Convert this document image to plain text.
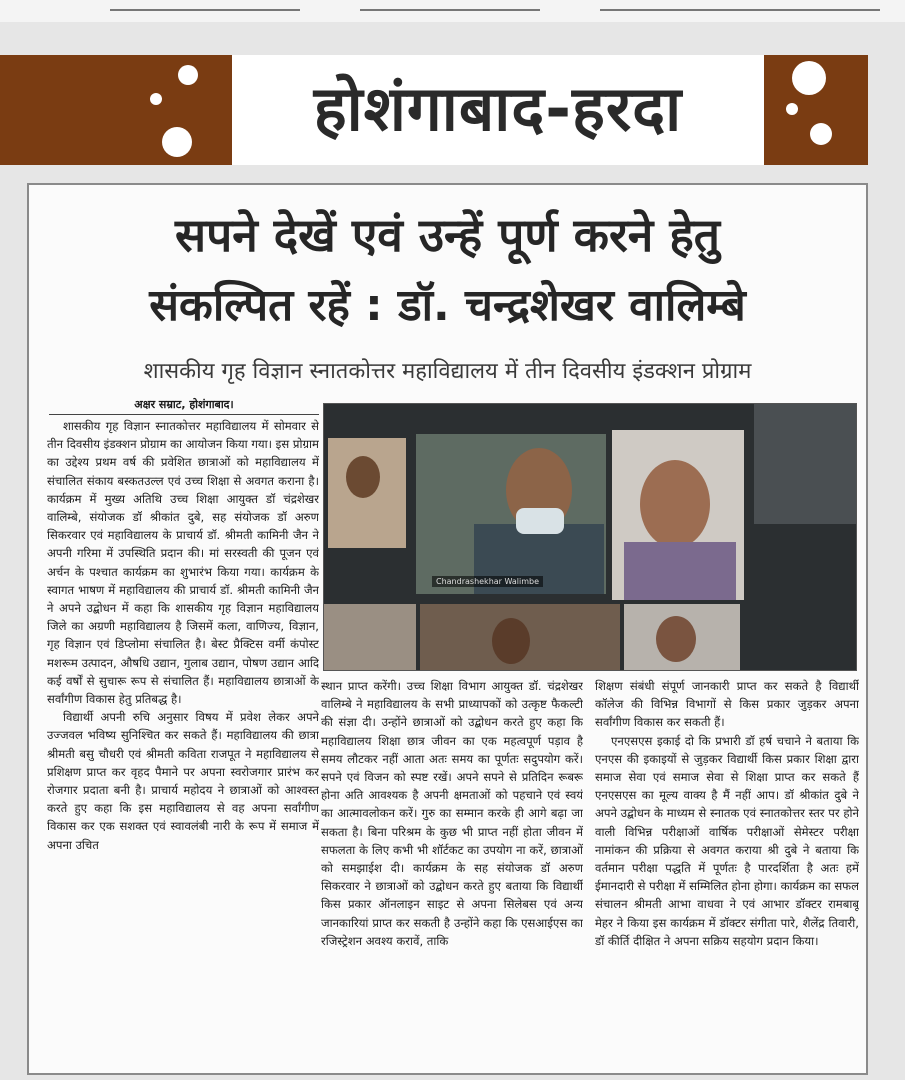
होशंगाबाद-हरदा
सपने देखें एवं उन्हें पूर्ण करने हेतु
संकल्पित रहें : डॉ. चन्द्रशेखर वालिम्बे
शासकीय गृह विज्ञान स्नातकोत्तर महाविद्यालय में तीन दिवसीय इंडक्शन प्रोग्राम
अक्षर सम्राट, होशंगाबाद।

शासकीय गृह विज्ञान स्नातकोत्तर महाविद्यालय में सोमवार से तीन दिवसीय इंडक्शन प्रोग्राम का आयोजन किया गया। इस प्रोग्राम का उद्देश्य प्रथम वर्ष की प्रवेशित छात्राओं को महाविद्यालय में संचालित संकाय बस्कतउल्ल एवं उच्च शिक्षा से अवगत कराना है। कार्यक्रम में मुख्य अतिथि उच्च शिक्षा आयुक्त डॉ चंद्रशेखर वालिम्बे, संयोजक डॉ श्रीकांत दुबे, सह संयोजक डॉ अरुण सिकरवार एवं महाविद्यालय के प्राचार्य डॉ. श्रीमती कामिनी जैन ने अपनी गरिमा में उपस्थिति प्रदान की। मां सरस्वती की पूजन एवं अर्चन के पश्चात कार्यक्रम का शुभारंभ किया गया। कार्यक्रम के स्वागत भाषण में महाविद्यालय की प्राचार्य डॉ. श्रीमती कामिनी जैन ने अपने उद्बोधन में कहा कि शासकीय गृह विज्ञान महाविद्यालय जिले का अग्रणी महाविद्यालय है जिसमें कला, वाणिज्य, विज्ञान, गृह विज्ञान एवं डिप्लोमा संचालित है। बेस्ट प्रैक्टिस वर्मी कंपोस्ट मशरूम उत्पादन, औषधि उद्यान, गुलाब उद्यान, पोषण उद्यान आदि कई वर्षों से सुचारू रूप से संचालित हैं। महाविद्यालय छात्राओं के सर्वांगीण विकास हेतु प्रतिबद्ध है।

विद्यार्थी अपनी रुचि अनुसार विषय में प्रवेश लेकर अपने उज्जवल भविष्य सुनिश्चित कर सकते हैं। महाविद्यालय की छात्रा श्रीमती बसु चौधरी एवं श्रीमती कविता राजपूत ने महाविद्यालय से प्रशिक्षण प्राप्त कर वृहद पैमाने पर अपना स्वरोजगार प्रारंभ कर रोजगार प्रदाता बनी है। प्राचार्य महोदय ने छात्राओं को आश्वस्त करते हुए कहा कि इस महाविद्यालय से वह अपना सर्वांगीण विकास कर एक सशक्त एवं स्वावलंबी नारी के रूप में समाज में अपना उचित

Chandrashekhar Walimbe

स्थान प्राप्त करेंगी। उच्च शिक्षा विभाग आयुक्त डॉ. चंद्रशेखर वालिम्बे ने महाविद्यालय के सभी प्राध्यापकों को उत्कृष्ट फैकल्टी की संज्ञा दी। उन्होंने छात्राओं को उद्बोधन करते हुए कहा कि महाविद्यालय शिक्षा छात्र जीवन का एक महत्वपूर्ण पड़ाव है समय लौटकर नहीं आता अतः समय का पूर्णतः सदुपयोग करें। सपने एवं विजन को स्पष्ट रखें। अपने सपने से प्रतिदिन रूबरू होना अति आवश्यक है अपनी क्षमताओं को पहचाने एवं स्वयं का आत्मावलोकन करें। गुरु का सम्मान करके ही आगे बढ़ा जा सकता है। बिना परिश्रम के कुछ भी प्राप्त नहीं होता जीवन में सफलता के लिए कभी भी शॉर्टकट का उपयोग ना करें, छात्राओं को समझाईश दी। कार्यक्रम के सह संयोजक डॉ अरुण सिकरवार ने छात्राओं को उद्बोधन करते हुए बताया कि विद्यार्थी किस प्रकार ऑनलाइन साइट से अपना सिलेबस एवं अन्य जानकारियां प्राप्त कर सकती है उन्होंने कहा कि एसआईएस का रजिस्ट्रेशन अवश्य करावें, ताकि

शिक्षण संबंधी संपूर्ण जानकारी प्राप्त कर सकते है विद्यार्थी कॉलेज की विभिन्न विभागों से किस प्रकार जुड़कर अपना सर्वांगीण विकास कर सकती हैं।

एनएसएस इकाई दो कि प्रभारी डॉ हर्ष चचाने ने बताया कि एनएस की इकाइयों से जुड़कर विद्यार्थी किस प्रकार शिक्षा द्वारा समाज सेवा एवं समाज सेवा से शिक्षा प्राप्त कर सकते हैं एनएसएस का मूल्य वाक्य है मैं नहीं आप। डॉ श्रीकांत दुबे ने अपने उद्बोधन के माध्यम से स्नातक एवं स्नातकोत्तर स्तर पर होने वाली विभिन्न परीक्षाओं वार्षिक परीक्षाओं सेमेस्टर परीक्षा नामांकन की प्रक्रिया से अवगत कराया श्री दुबे ने बताया कि वर्तमान परीक्षा पद्धति में पूर्णतः है पारदर्शिता है अतः हमें ईमानदारी से परीक्षा में सम्मिलित होना होगा। कार्यक्रम का सफल संचालन श्रीमती आभा वाधवा ने एवं आभार डॉक्टर रामबाबू मेहर ने किया इस कार्यक्रम में डॉक्टर संगीता पारे, शैलेंद्र तिवारी, डॉ कीर्ति दीक्षित ने अपना सक्रिय सहयोग प्रदान किया।
